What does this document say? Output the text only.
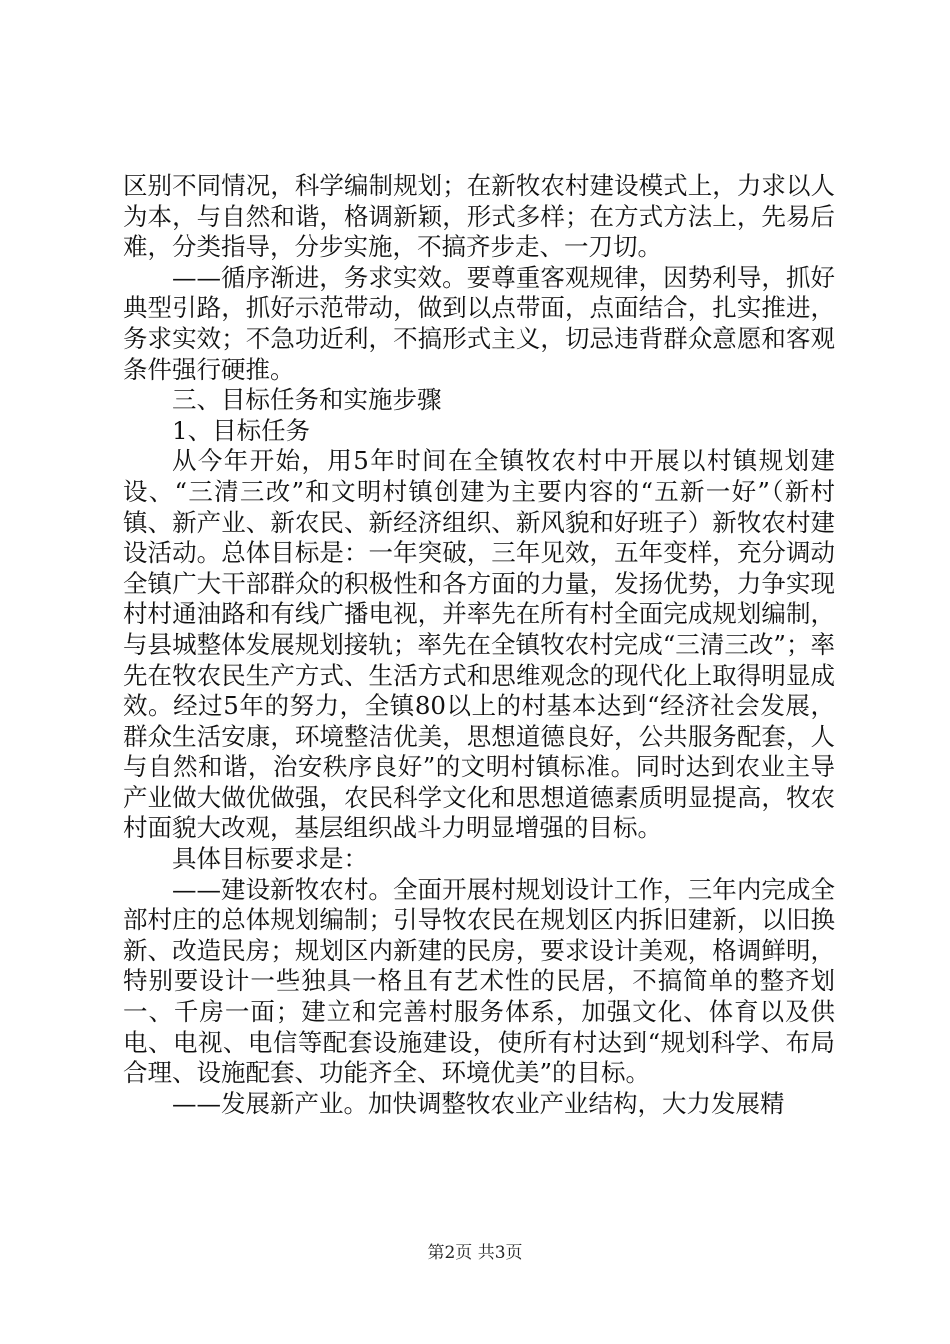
区别不同情况，科学编制规划；在新牧农村建设模式上，力求以人为本，与自然和谐，格调新颖，形式多样；在方式方法上，先易后难，分类指导，分步实施，不搞齐步走、一刀切。

——循序渐进，务求实效。要尊重客观规律，因势利导，抓好典型引路，抓好示范带动，做到以点带面，点面结合，扎实推进，务求实效；不急功近利，不搞形式主义，切忌违背群众意愿和客观条件强行硬推。

三、目标任务和实施步骤

1、目标任务

从今年开始，用5年时间在全镇牧农村中开展以村镇规划建设、“三清三改”和文明村镇创建为主要内容的“五新一好”（新村镇、新产业、新农民、新经济组织、新风貌和好班子）新牧农村建设活动。总体目标是：一年突破，三年见效，五年变样，充分调动全镇广大干部群众的积极性和各方面的力量，发扬优势，力争实现村村通油路和有线广播电视，并率先在所有村全面完成规划编制，与县城整体发展规划接轨；率先在全镇牧农村完成“三清三改”；率先在牧农民生产方式、生活方式和思维观念的现代化上取得明显成效。经过5年的努力，全镇80以上的村基本达到“经济社会发展，群众生活安康，环境整洁优美，思想道德良好，公共服务配套，人与自然和谐，治安秩序良好”的文明村镇标准。同时达到农业主导产业做大做优做强，农民科学文化和思想道德素质明显提高，牧农村面貌大改观，基层组织战斗力明显增强的目标。

具体目标要求是：

——建设新牧农村。全面开展村规划设计工作，三年内完成全部村庄的总体规划编制；引导牧农民在规划区内拆旧建新，以旧换新、改造民房；规划区内新建的民房，要求设计美观，格调鲜明，特别要设计一些独具一格且有艺术性的民居，不搞简单的整齐划一、千房一面；建立和完善村服务体系，加强文化、体育以及供电、电视、电信等配套设施建设，使所有村达到“规划科学、布局合理、设施配套、功能齐全、环境优美”的目标。

——发展新产业。加快调整牧农业产业结构，大力发展精

第2页 共3页
